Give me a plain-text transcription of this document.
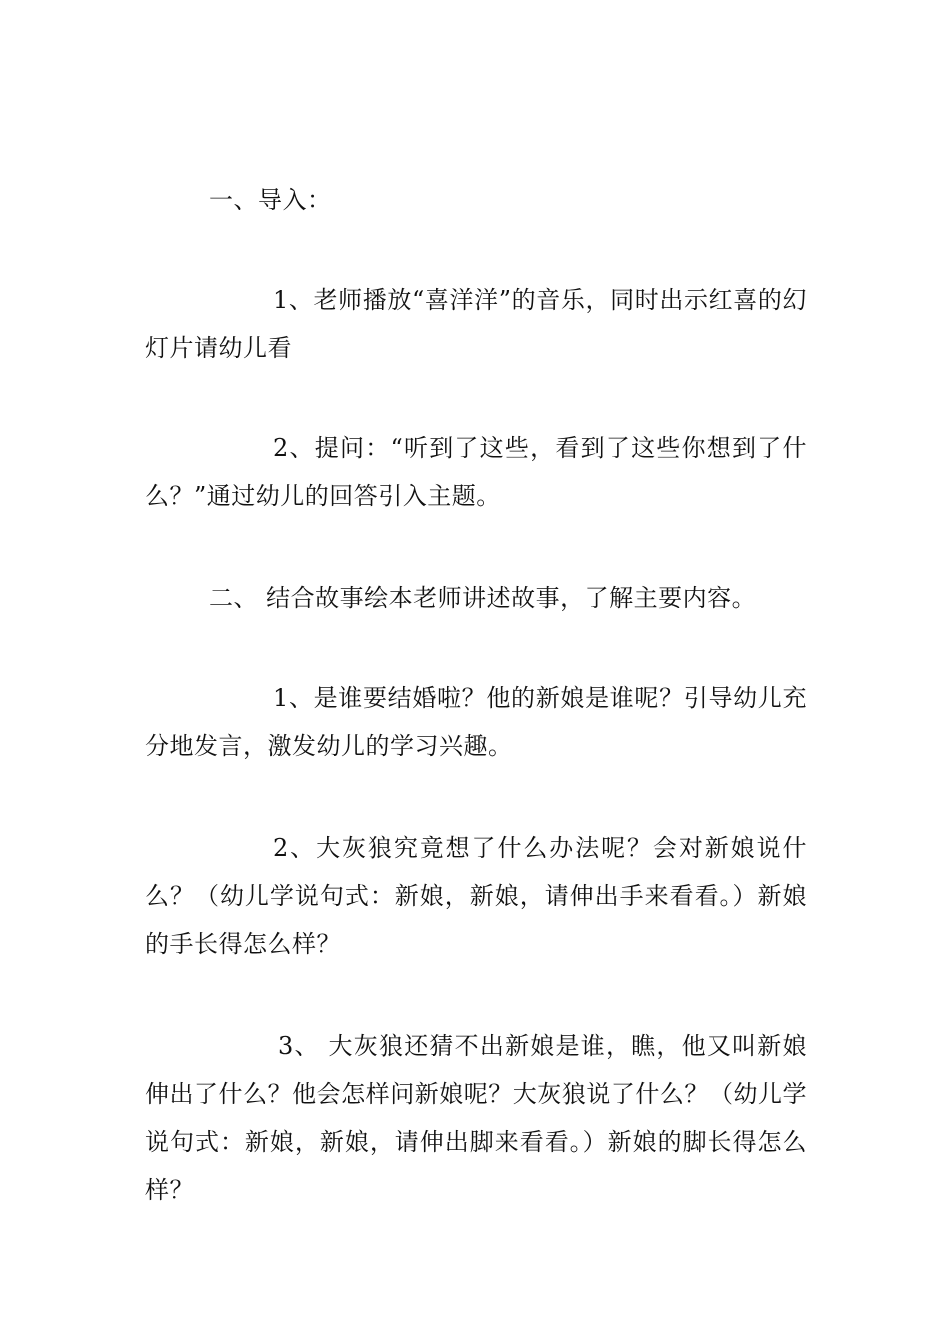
一、导入：

1、老师播放“喜洋洋”的音乐，同时出示红喜的幻灯片请幼儿看

2、提问：“听到了这些，看到了这些你想到了什么？”通过幼儿的回答引入主题。

二、 结合故事绘本老师讲述故事，了解主要内容。

1、是谁要结婚啦？他的新娘是谁呢？引导幼儿充分地发言，激发幼儿的学习兴趣。

2、大灰狼究竟想了什么办法呢？会对新娘说什么？（幼儿学说句式：新娘，新娘，请伸出手来看看。）新娘的手长得怎么样？

3、 大灰狼还猜不出新娘是谁，瞧，他又叫新娘伸出了什么？他会怎样问新娘呢？大灰狼说了什么？（幼儿学说句式：新娘，新娘，请伸出脚来看看。）新娘的脚长得怎么样？
